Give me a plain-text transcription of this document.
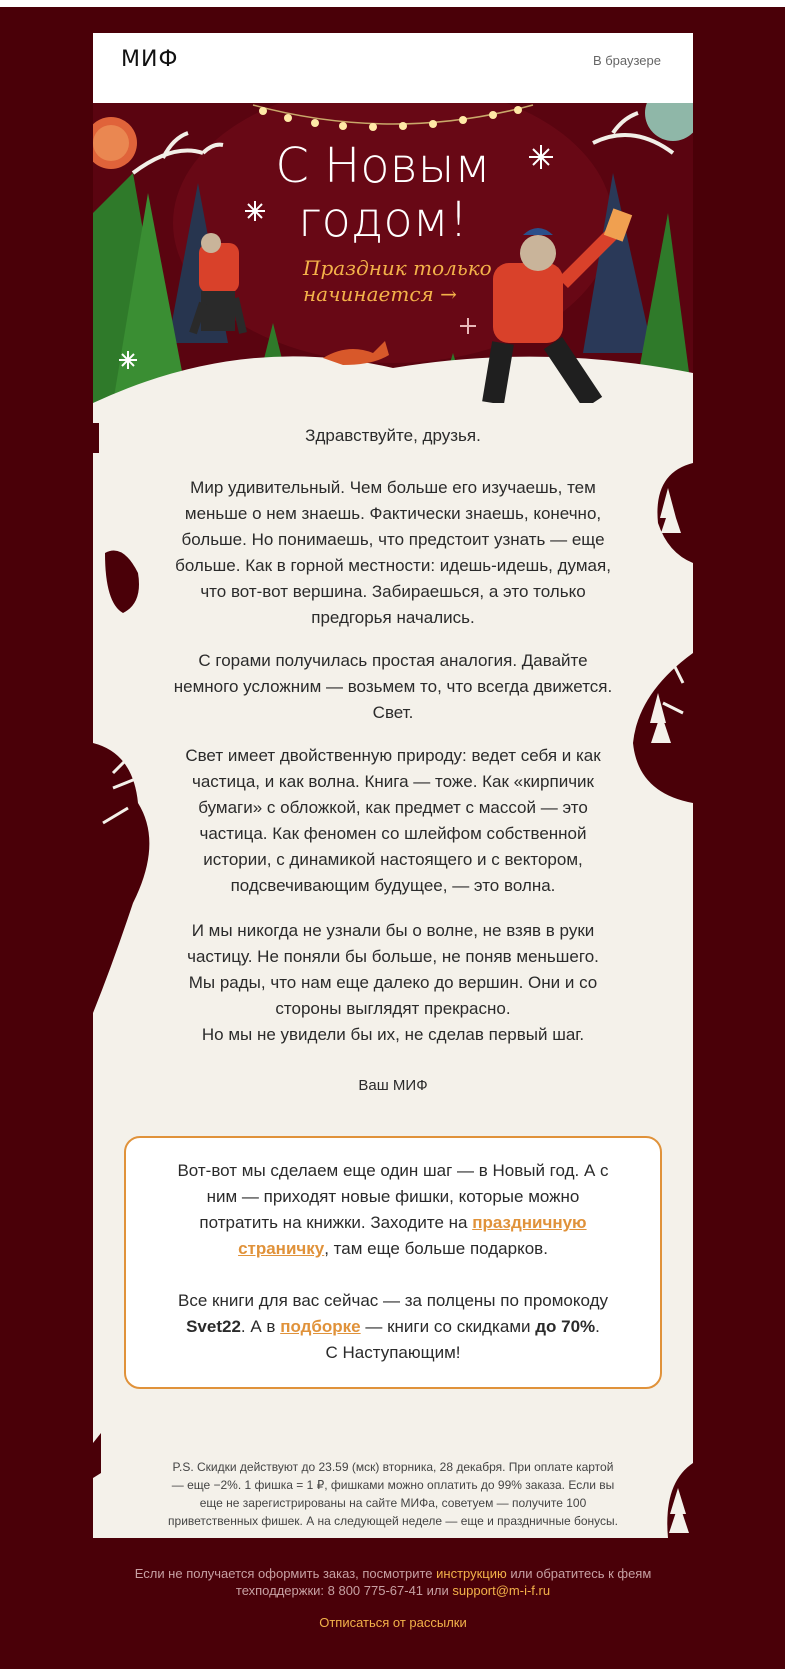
МИФ	В браузере
С Новым
годом!
Праздник только
начинается →
Здравствуйте, друзья.
Мир удивительный. Чем больше его изучаешь, тем меньше о нем знаешь. Фактически знаешь, конечно, больше. Но понимаешь, что предстоит узнать — еще больше. Как в горной местности: идешь-идешь, думая, что вот-вот вершина. Забираешься, а это только предгорья начались.
С горами получилась простая аналогия. Давайте немного усложним — возьмем то, что всегда движется. Свет.
Свет имеет двойственную природу: ведет себя и как частица, и как волна. Книга — тоже. Как «кирпичик бумаги» с обложкой, как предмет с массой — это частица. Как феномен со шлейфом собственной истории, с динамикой настоящего и с вектором, подсвечивающим будущее, — это волна.
И мы никогда не узнали бы о волне, не взяв в руки частицу. Не поняли бы больше, не поняв меньшего. Мы рады, что нам еще далеко до вершин. Они и со стороны выглядят прекрасно.
Но мы не увидели бы их, не сделав первый шаг.
Ваш МИФ

Вот-вот мы сделаем еще один шаг — в Новый год. А с ним — приходят новые фишки, которые можно потратить на книжки. Заходите на праздничную страничку, там еще больше подарков.

Все книги для вас сейчас — за полцены по промокоду Svet22. А в подборке — книги со скидками до 70%.
С Наступающим!

P.S. Скидки действуют до 23.59 (мск) вторника, 28 декабря. При оплате картой — еще −2%. 1 фишка = 1 ₽, фишками можно оплатить до 99% заказа. Если вы еще не зарегистрированы на сайте МИФа, советуем — получите 100 приветственных фишек. А на следующей неделе — еще и праздничные бонусы.
Если не получается оформить заказ, посмотрите инструкцию или обратитесь к феям техподдержки: 8 800 775-67-41 или support@m-i-f.ru
Отписаться от рассылки
